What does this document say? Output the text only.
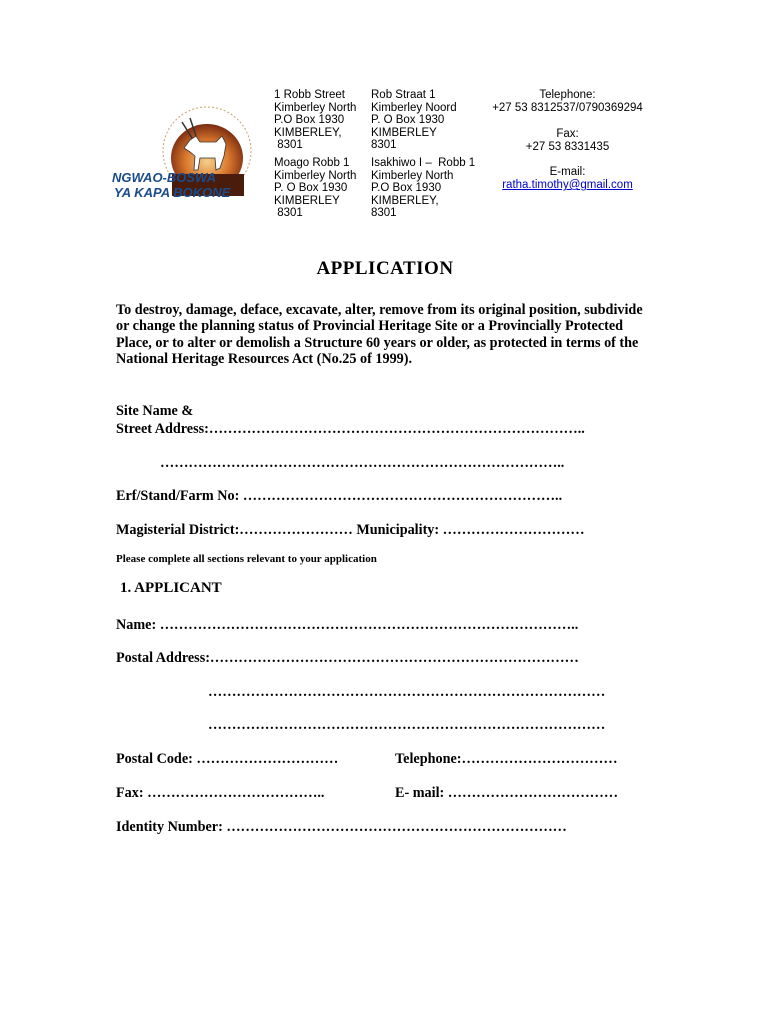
NGWAO-BOSWA
YA KAPA BOKONE
1 Robb Street
Kimberley North
P.O Box 1930
KIMBERLEY,
8301
Moago Robb 1
Kimberley North
P. O Box 1930
KIMBERLEY
8301
Rob Straat 1
Kimberley Noord
P. O Box 1930
KIMBERLEY
8301
Isakhiwo I –  Robb 1
Kimberley North
P.O Box 1930
KIMBERLEY,
8301
Telephone:
+27 53 8312537/0790369294
Fax:
+27 53 8331435
E-mail:
ratha.timothy@gmail.com
APPLICATION
To destroy, damage, deface, excavate, alter, remove from its original position, subdivide or change the planning status of Provincial Heritage Site or a Provincially Protected Place, or to alter or demolish a Structure 60 years or older, as protected in terms of the National Heritage Resources Act (No.25 of 1999).
Site Name &
Street Address:……………………………………………………………………..
…………………………………………………………………………..
Erf/Stand/Farm No: …………………………………………………………..
Magisterial District:…………………… Municipality: …………………………
Please complete all sections relevant to your application
1. APPLICANT
Name: ……………………………………………………………………………..
Postal Address:……………………………………………………………………
…………………………………………………………………………
…………………………………………………………………………
Postal Code: …………………………	Telephone:……………………………
Fax: ………………………………..	E- mail: ………………………………
Identity Number: ………………………………………………………………
